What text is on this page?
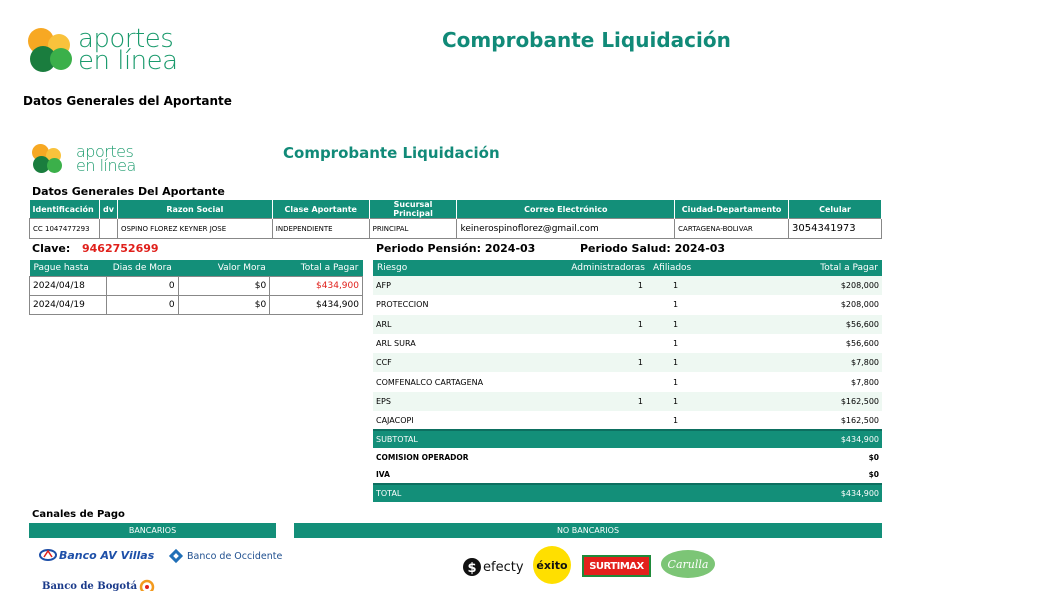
aportes
en línea
Comprobante Liquidación
Datos Generales del Aportante
aportes
en línea
Comprobante Liquidación
Datos Generales Del Aportante
Identificación	dv	Razon Social	Clase Aportante	Sucursal Principal	Correo Electrónico	Ciudad-Departamento	Celular
CC 1047477293		OSPINO FLOREZ KEYNER JOSE	INDEPENDIENTE	PRINCIPAL	keinerospinoflorez@gmail.com	CARTAGENA-BOLIVAR	3054341973
Clave: 9462752699	Periodo Pensión: 2024-03	Periodo Salud: 2024-03
Pague hasta	Dias de Mora	Valor Mora	Total a Pagar
2024/04/18	0	$0	$434,900
2024/04/19	0	$0	$434,900
Riesgo	Administradoras	Afiliados	Total a Pagar
AFP	1	1	$208,000
PROTECCION		1	$208,000
ARL	1	1	$56,600
ARL SURA		1	$56,600
CCF	1	1	$7,800
COMFENALCO CARTAGENA		1	$7,800
EPS	1	1	$162,500
CAJACOPI		1	$162,500
SUBTOTAL			$434,900
COMISION OPERADOR			$0
IVA			$0
TOTAL			$434,900
Canales de Pago
BANCARIOS	NO BANCARIOS
Banco AV Villas	Banco de Occidente
Banco de Bogotá
$ efecty éxito SURTIMAX Carulla
